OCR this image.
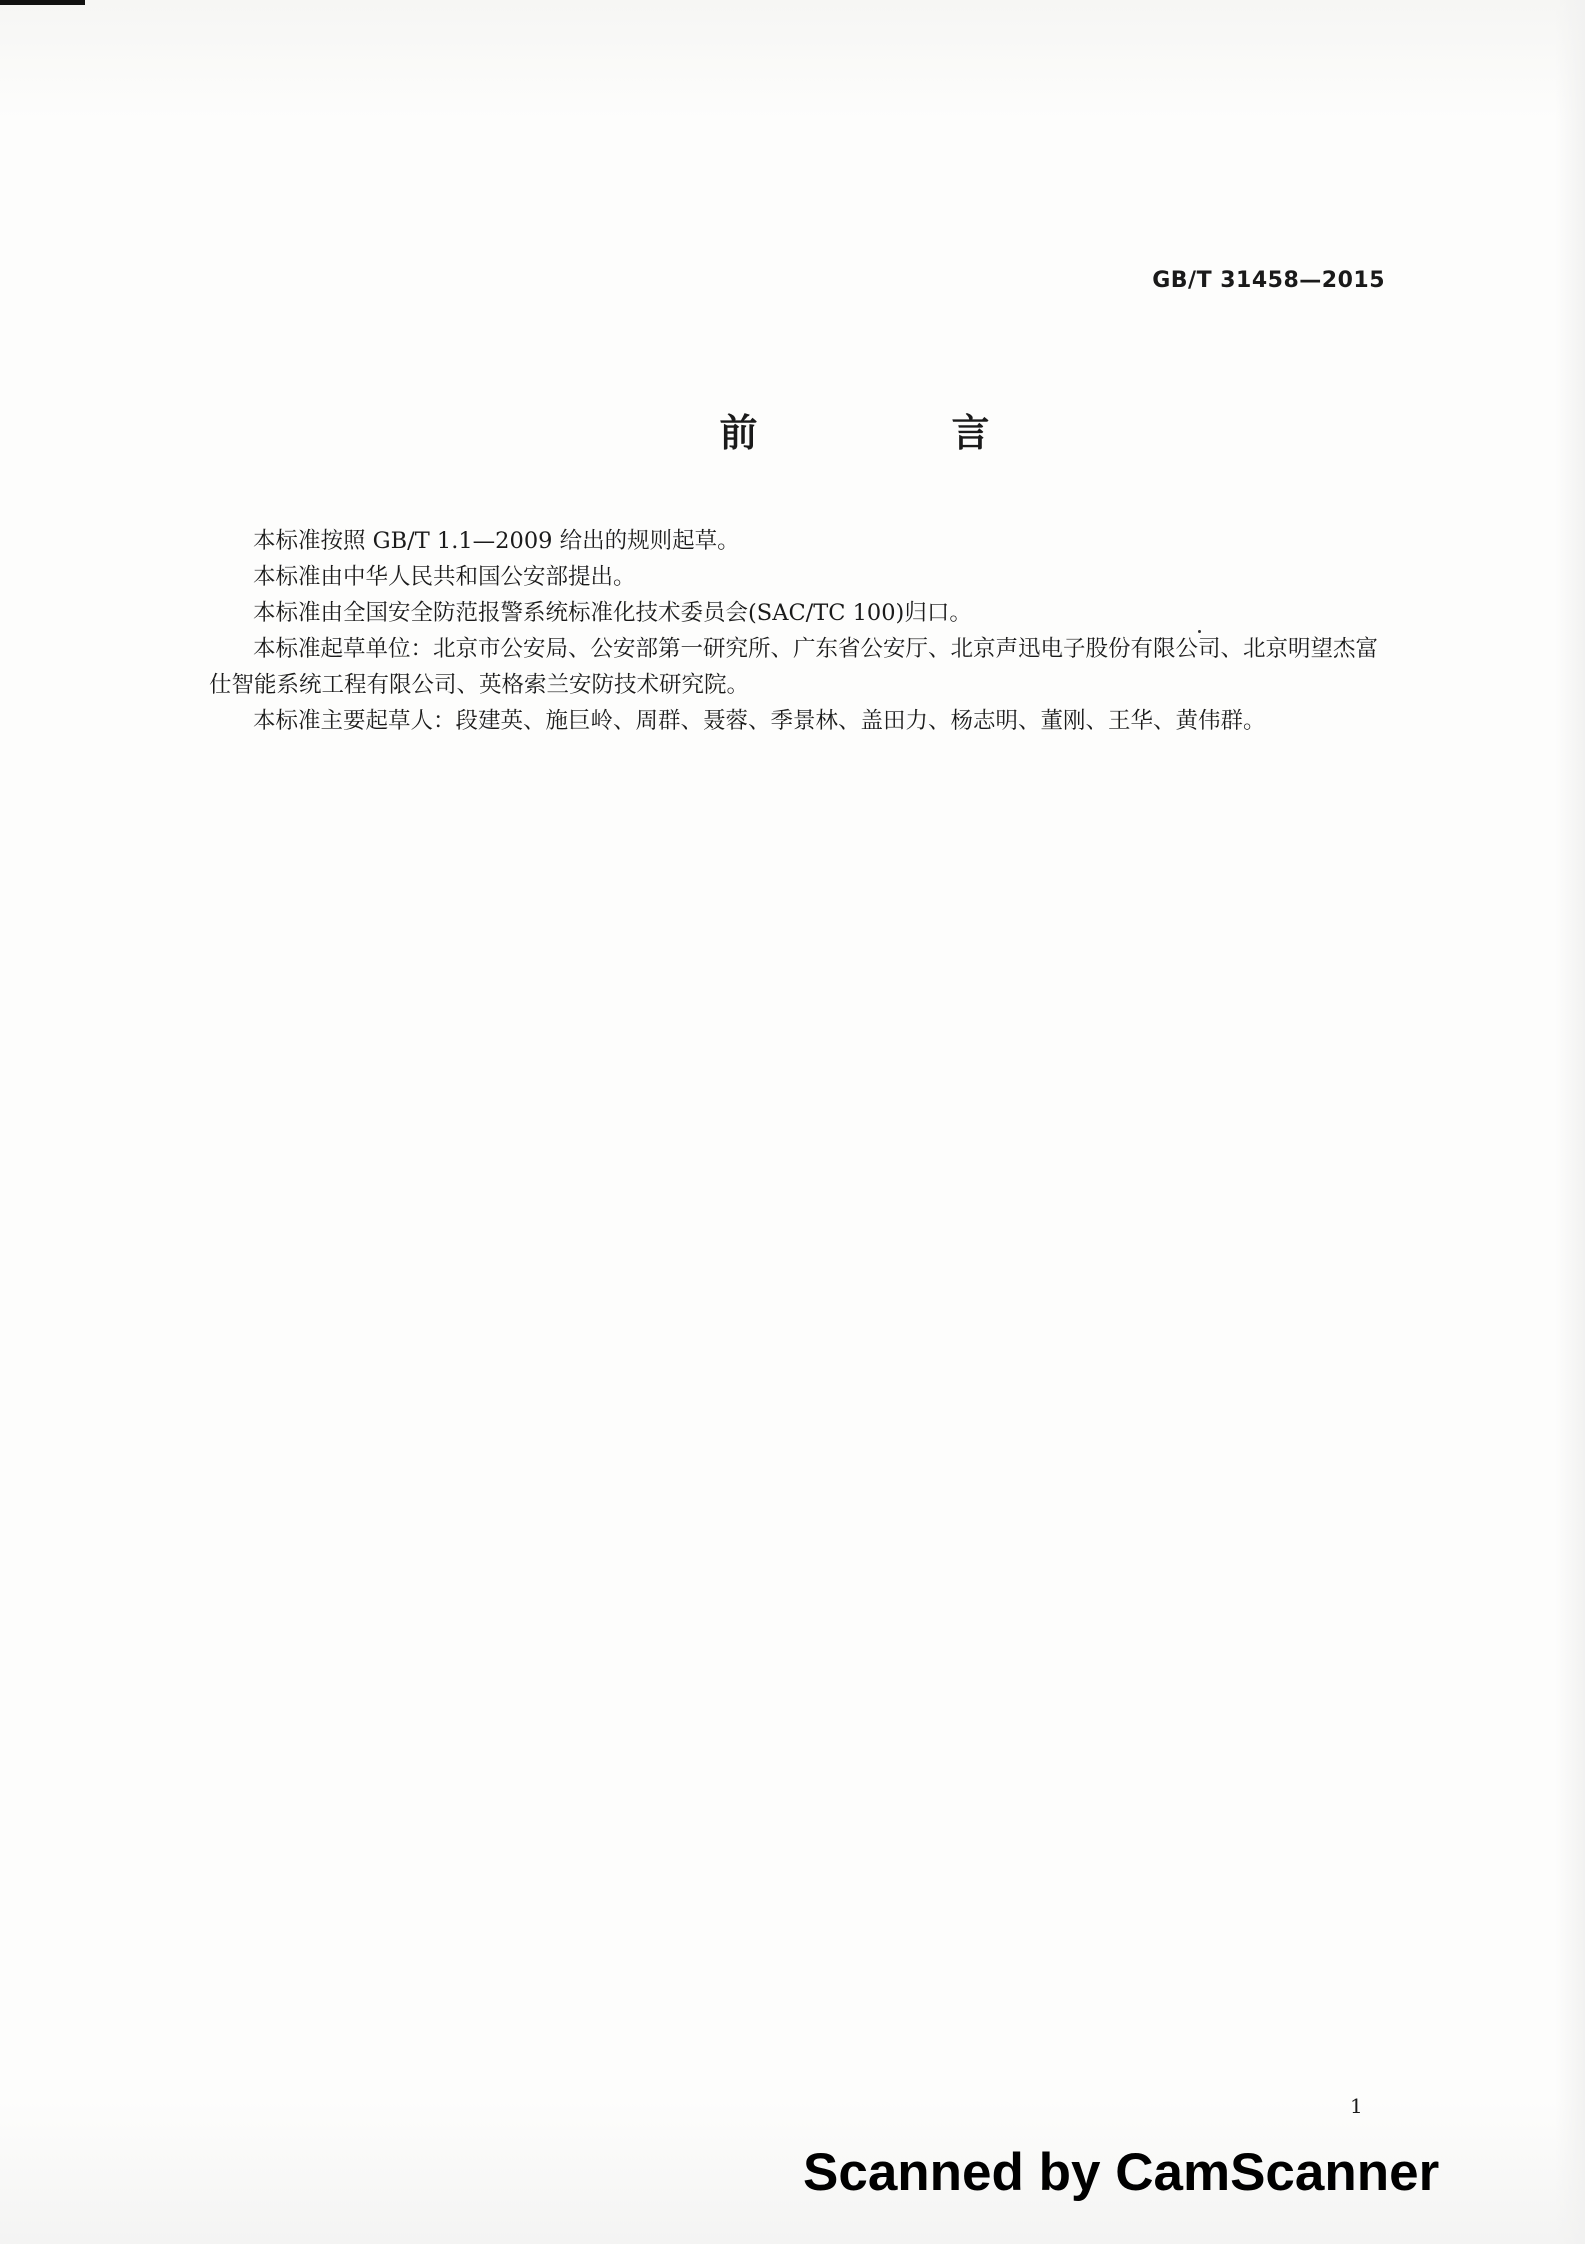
GB/T 31458—2015
前　言

本标准按照 GB/T 1.1—2009 给出的规则起草。

本标准由中华人民共和国公安部提出。

本标准由全国安全防范报警系统标准化技术委员会(SAC/TC 100)归口。

本标准起草单位：北京市公安局、公安部第一研究所、广东省公安厅、北京声迅电子股份有限公司、北京明望杰富仕智能系统工程有限公司、英格索兰安防技术研究院。

本标准主要起草人：段建英、施巨岭、周群、聂蓉、季景林、盖田力、杨志明、董刚、王华、黄伟群。

1
Scanned by CamScanner
